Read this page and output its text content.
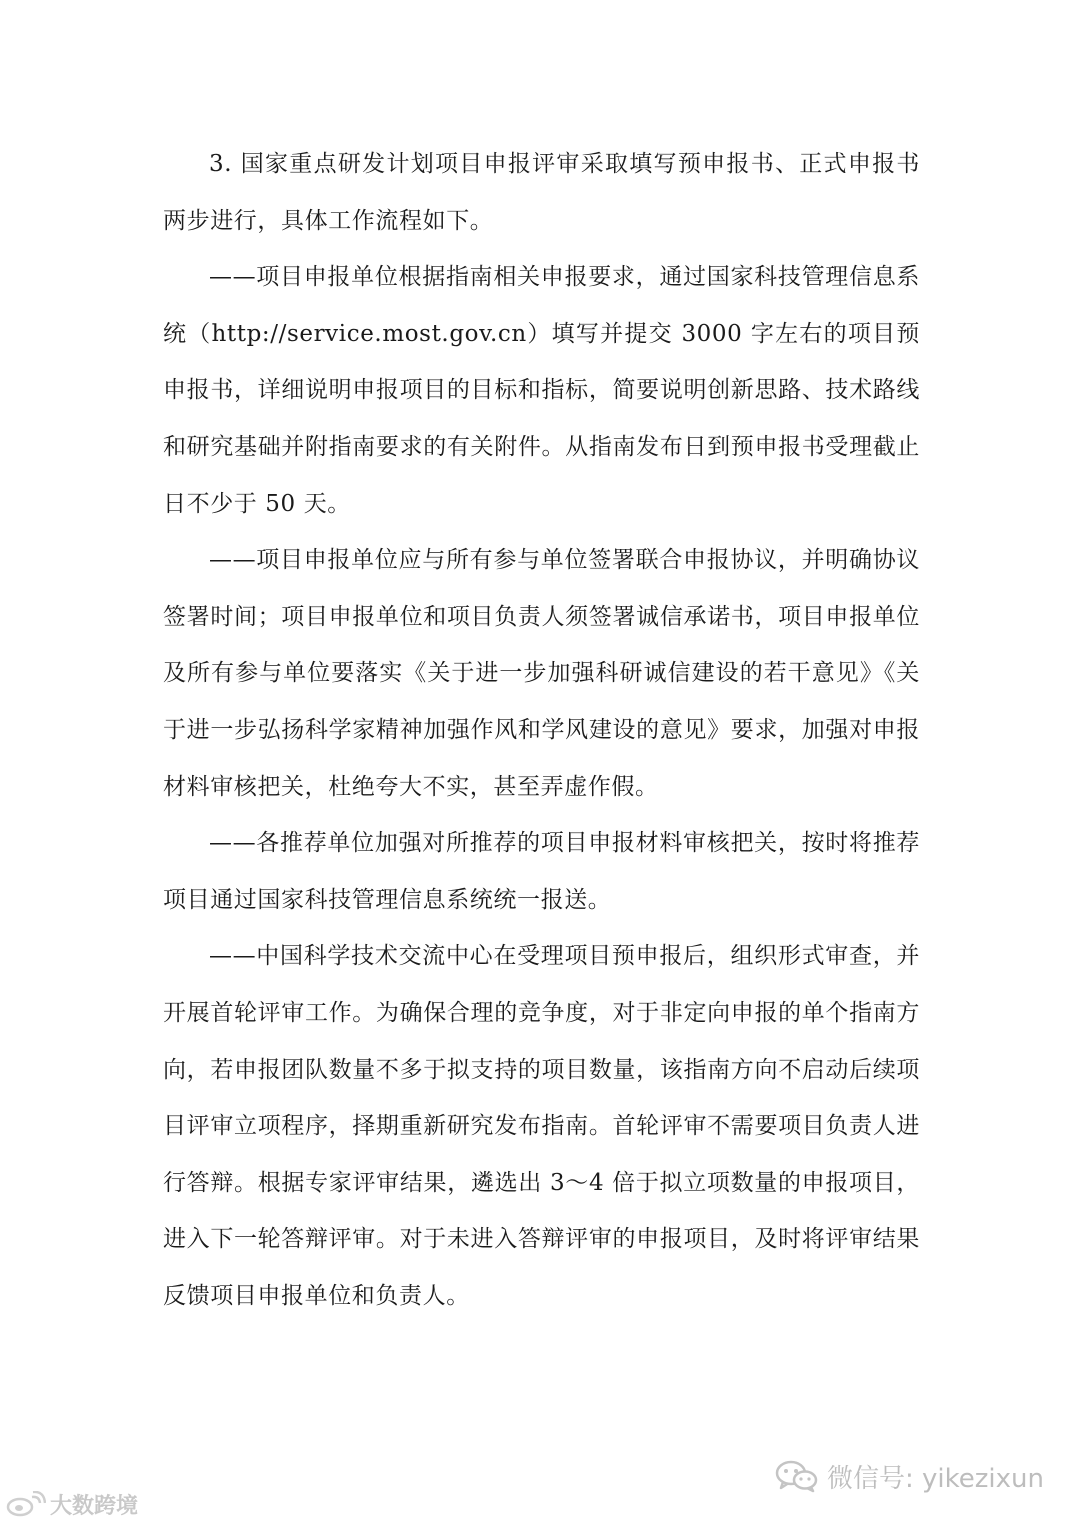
3. 国家重点研发计划项目申报评审采取填写预申报书、正式申报书两步进行，具体工作流程如下。

——项目申报单位根据指南相关申报要求，通过国家科技管理信息系统（http://service.most.gov.cn）填写并提交 3000 字左右的项目预申报书，详细说明申报项目的目标和指标，简要说明创新思路、技术路线和研究基础并附指南要求的有关附件。从指南发布日到预申报书受理截止日不少于 50 天。

——项目申报单位应与所有参与单位签署联合申报协议，并明确协议签署时间；项目申报单位和项目负责人须签署诚信承诺书，项目申报单位及所有参与单位要落实《关于进一步加强科研诚信建设的若干意见》《关于进一步弘扬科学家精神加强作风和学风建设的意见》要求，加强对申报材料审核把关，杜绝夸大不实，甚至弄虚作假。

——各推荐单位加强对所推荐的项目申报材料审核把关，按时将推荐项目通过国家科技管理信息系统统一报送。

——中国科学技术交流中心在受理项目预申报后，组织形式审查，并开展首轮评审工作。为确保合理的竞争度，对于非定向申报的单个指南方向，若申报团队数量不多于拟支持的项目数量，该指南方向不启动后续项目评审立项程序，择期重新研究发布指南。首轮评审不需要项目负责人进行答辩。根据专家评审结果，遴选出 3～4 倍于拟立项数量的申报项目，进入下一轮答辩评审。对于未进入答辩评审的申报项目，及时将评审结果反馈项目申报单位和负责人。

微信号: yikezixun
大数跨境
